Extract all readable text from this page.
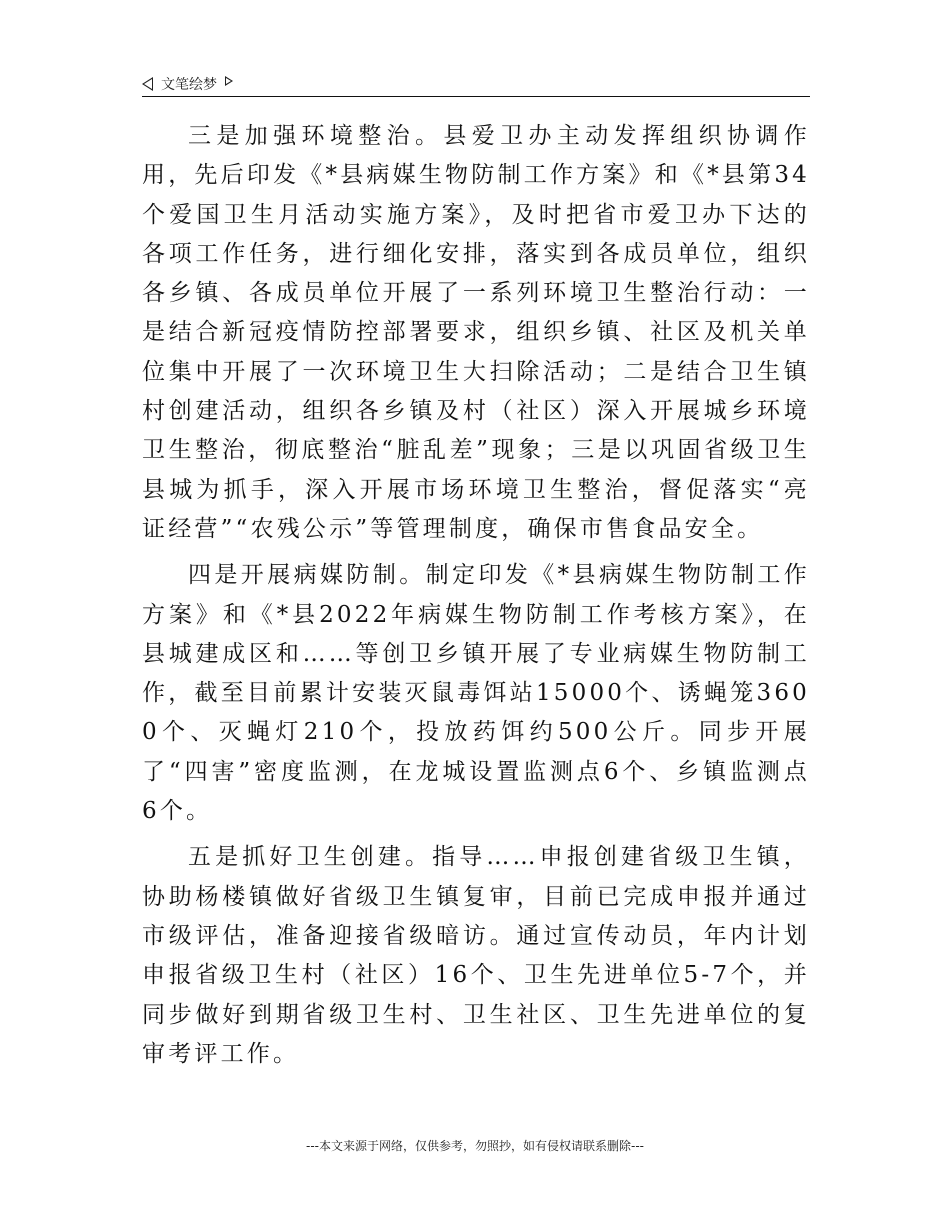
文笔绘梦

三是加强环境整治。县爱卫办主动发挥组织协调作用，先后印发《*县病媒生物防制工作方案》和《*县第34个爱国卫生月活动实施方案》，及时把省市爱卫办下达的各项工作任务，进行细化安排，落实到各成员单位，组织各乡镇、各成员单位开展了一系列环境卫生整治行动：一是结合新冠疫情防控部署要求，组织乡镇、社区及机关单位集中开展了一次环境卫生大扫除活动；二是结合卫生镇村创建活动，组织各乡镇及村（社区）深入开展城乡环境卫生整治，彻底整治“脏乱差”现象；三是以巩固省级卫生县城为抓手，深入开展市场环境卫生整治，督促落实“亮证经营”“农残公示”等管理制度，确保市售食品安全。

四是开展病媒防制。制定印发《*县病媒生物防制工作方案》和《*县2022年病媒生物防制工作考核方案》，在县城建成区和……等创卫乡镇开展了专业病媒生物防制工作，截至目前累计安装灭鼠毒饵站15000个、诱蝇笼3600个、灭蝇灯210个，投放药饵约500公斤。同步开展了“四害”密度监测，在龙城设置监测点6个、乡镇监测点6个。

五是抓好卫生创建。指导……申报创建省级卫生镇，协助杨楼镇做好省级卫生镇复审，目前已完成申报并通过市级评估，准备迎接省级暗访。通过宣传动员，年内计划申报省级卫生村（社区）16个、卫生先进单位5-7个，并同步做好到期省级卫生村、卫生社区、卫生先进单位的复审考评工作。

---本文来源于网络，仅供参考，勿照抄，如有侵权请联系删除---
